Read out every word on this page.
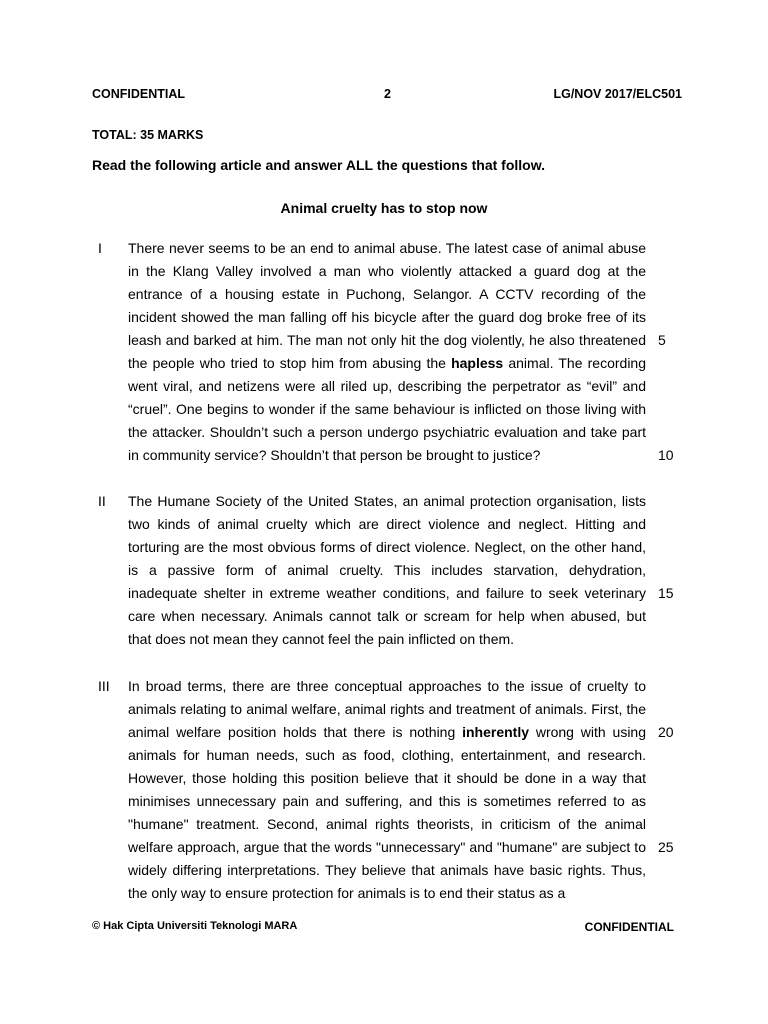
CONFIDENTIAL	2	LG/NOV 2017/ELC501
TOTAL: 35 MARKS
Read the following article and answer ALL the questions that follow.
Animal cruelty has to stop now
I There never seems to be an end to animal abuse. The latest case of animal abuse in the Klang Valley involved a man who violently attacked a guard dog at the entrance of a housing estate in Puchong, Selangor. A CCTV recording of the incident showed the man falling off his bicycle after the guard dog broke free of its leash and barked at him. The man not only hit the dog violently, he also threatened the people who tried to stop him from abusing the hapless animal. The recording went viral, and netizens were all riled up, describing the perpetrator as “evil” and “cruel”. One begins to wonder if the same behaviour is inflicted on those living with the attacker. Shouldn’t such a person undergo psychiatric evaluation and take part in community service? Shouldn’t that person be brought to justice?
II The Humane Society of the United States, an animal protection organisation, lists two kinds of animal cruelty which are direct violence and neglect. Hitting and torturing are the most obvious forms of direct violence. Neglect, on the other hand, is a passive form of animal cruelty. This includes starvation, dehydration, inadequate shelter in extreme weather conditions, and failure to seek veterinary care when necessary. Animals cannot talk or scream for help when abused, but that does not mean they cannot feel the pain inflicted on them.
III In broad terms, there are three conceptual approaches to the issue of cruelty to animals relating to animal welfare, animal rights and treatment of animals. First, the animal welfare position holds that there is nothing inherently wrong with using animals for human needs, such as food, clothing, entertainment, and research. However, those holding this position believe that it should be done in a way that minimises unnecessary pain and suffering, and this is sometimes referred to as "humane" treatment. Second, animal rights theorists, in criticism of the animal welfare approach, argue that the words "unnecessary" and "humane" are subject to widely differing interpretations. They believe that animals have basic rights. Thus, the only way to ensure protection for animals is to end their status as a
5
10
15
20
25
© Hak Cipta Universiti Teknologi MARA	CONFIDENTIAL
